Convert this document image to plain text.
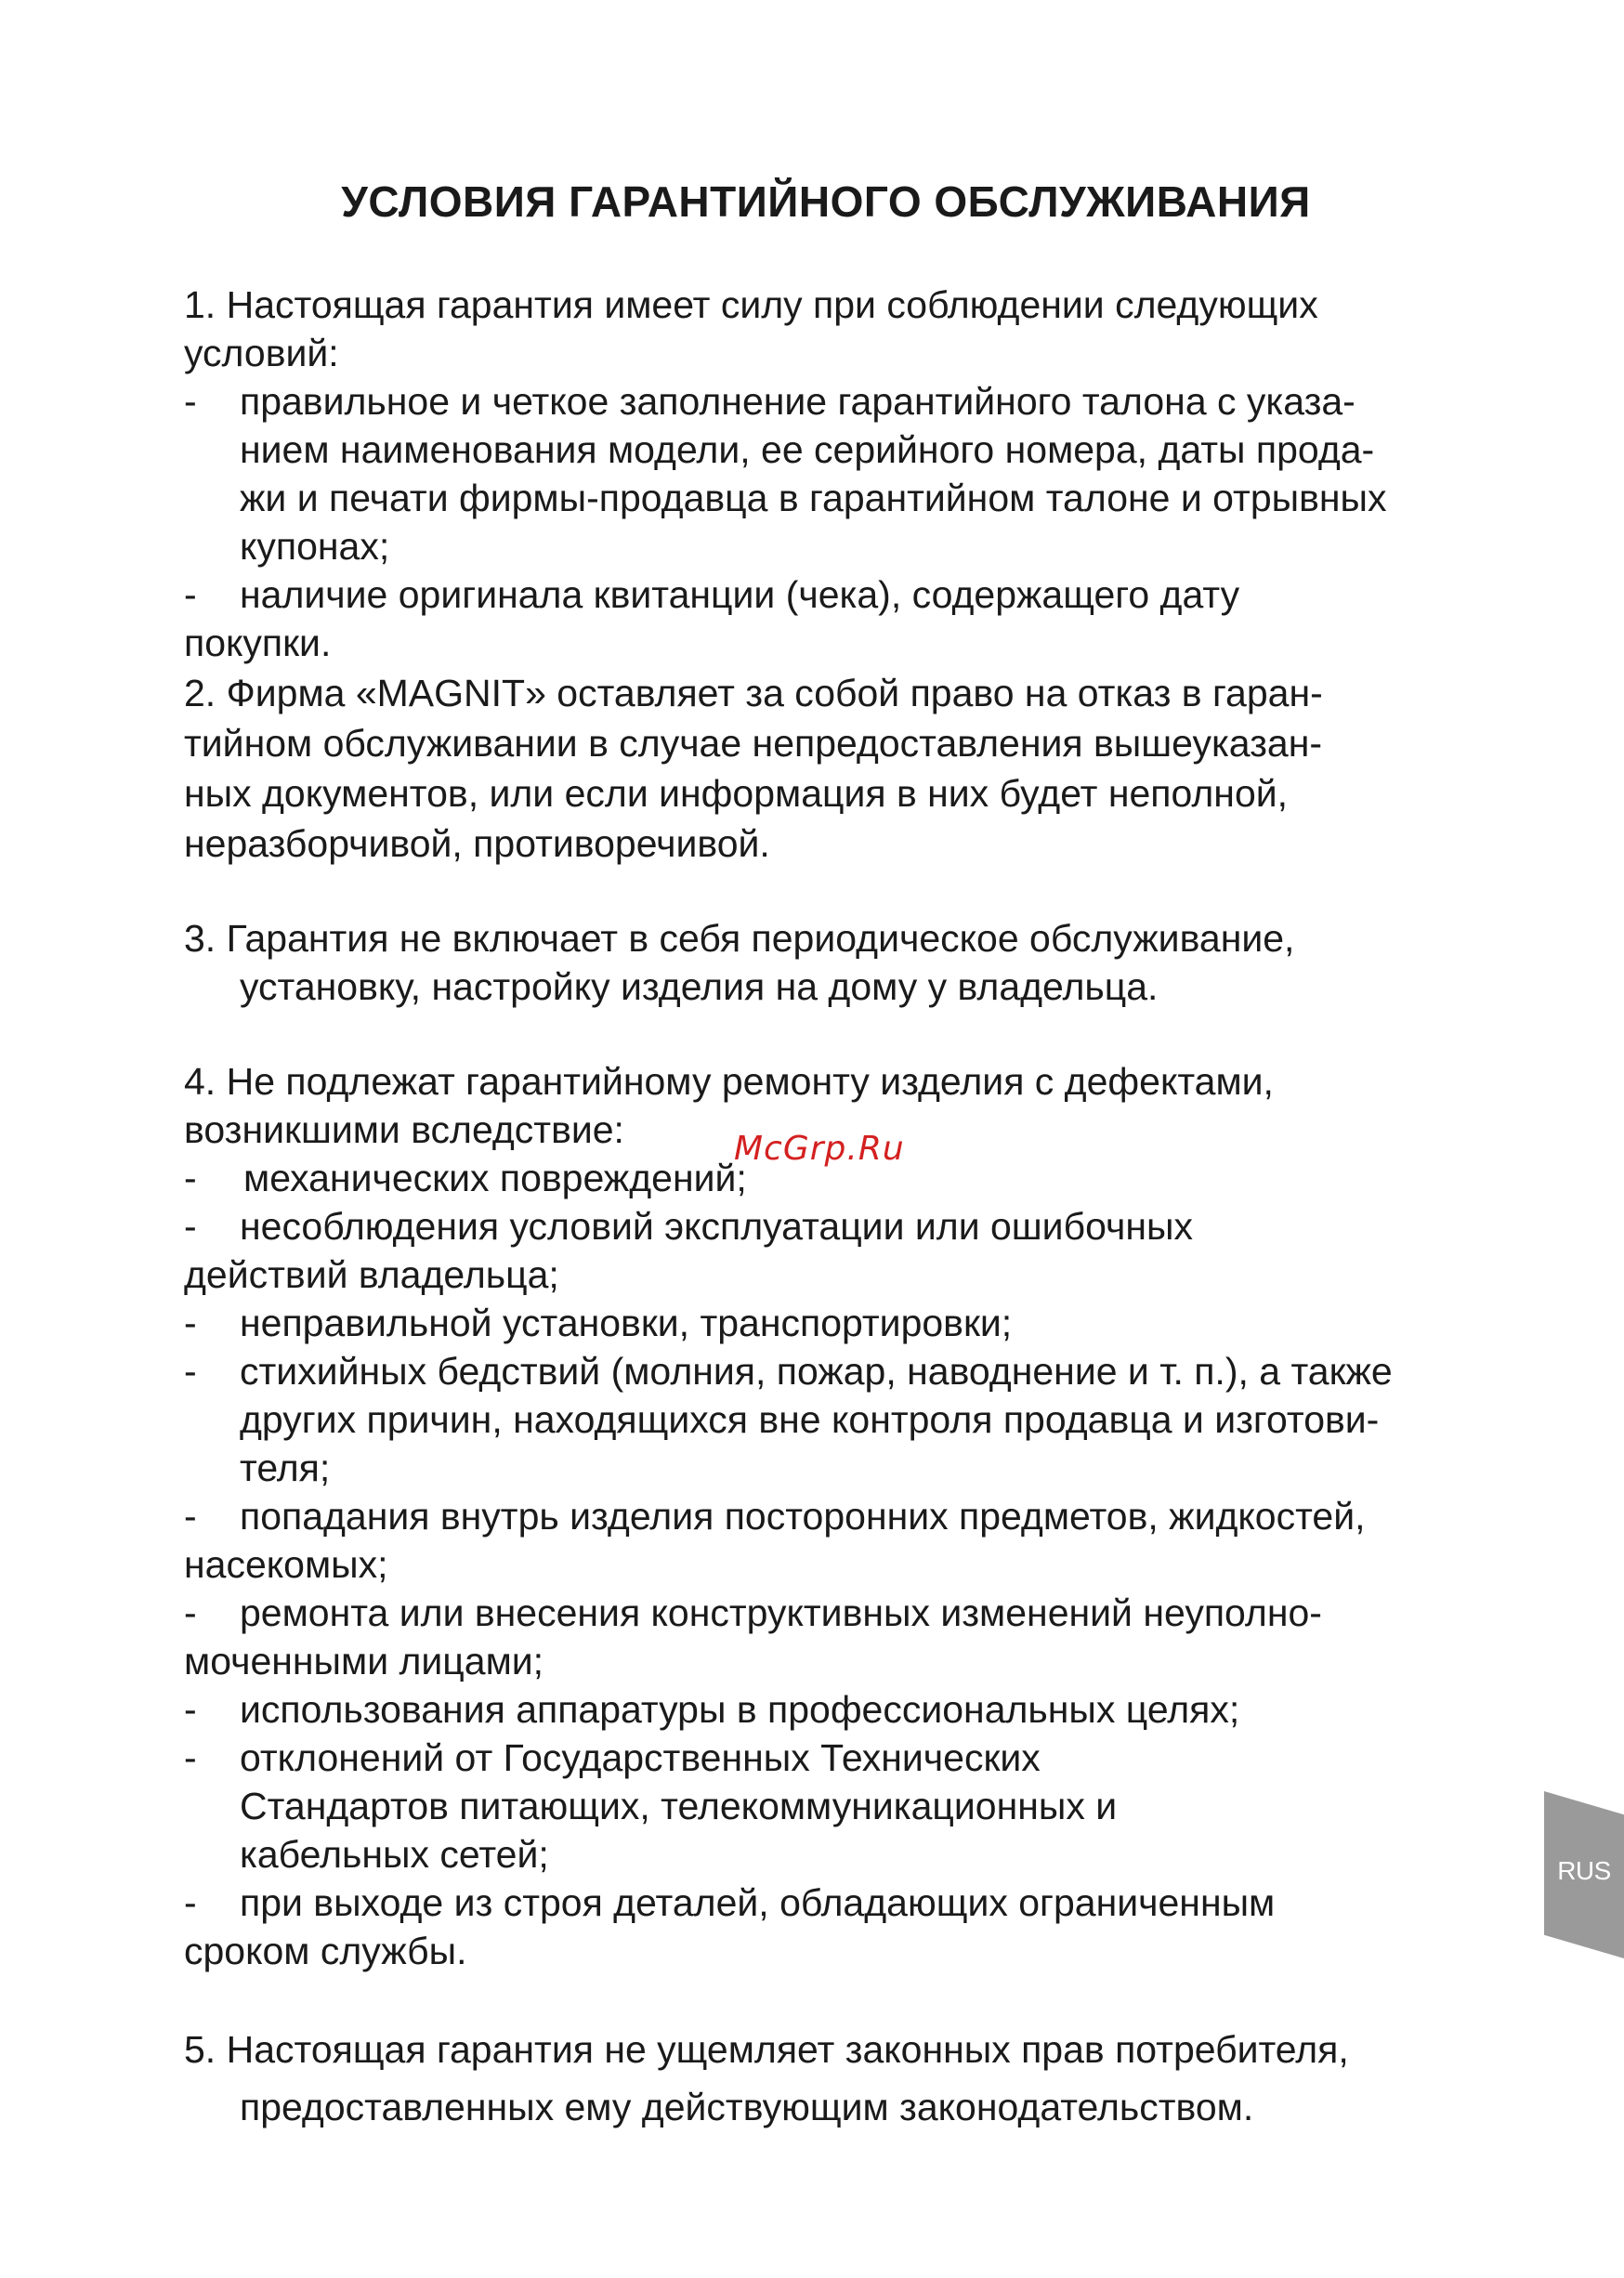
УСЛОВИЯ ГАРАНТИЙНОГО ОБСЛУЖИВАНИЯ
1. Настоящая гарантия имеет силу при соблюдении следующих
условий:
- правильное и четкое заполнение гарантийного талона с указа-
нием наименования модели, ее серийного номера, даты прода-
жи и печати фирмы-продавца в гарантийном талоне и отрывных
купонах;
- наличие оригинала квитанции (чека), содержащего дату
покупки.
2. Фирма «MAGNIT» оставляет за собой право на отказ в гаран-
тийном обслуживании в случае непредоставления вышеуказан-
ных документов, или если информация в них будет неполной,
неразборчивой, противоречивой.
3. Гарантия не включает в себя периодическое обслуживание,
установку, настройку изделия на дому у владельца.
4. Не подлежат гарантийному ремонту изделия с дефектами,
возникшими вследствие:
- механических повреждений;
- несоблюдения условий эксплуатации или ошибочных
действий владельца;
- неправильной установки, транспортировки;
- стихийных бедствий (молния, пожар, наводнение и т. п.), а также
других причин, находящихся вне контроля продавца и изготови-
теля;
- попадания внутрь изделия посторонних предметов, жидкостей,
насекомых;
- ремонта или внесения конструктивных изменений неуполно-
моченными лицами;
- использования аппаратуры в профессиональных целях;
- отклонений от Государственных Технических
Стандартов питающих, телекоммуникационных и
кабельных сетей;
- при выходе из строя деталей, обладающих ограниченным
сроком службы.
5. Настоящая гарантия не ущемляет законных прав потребителя,
предоставленных ему действующим законодательством.
McGrp.Ru
RUS
